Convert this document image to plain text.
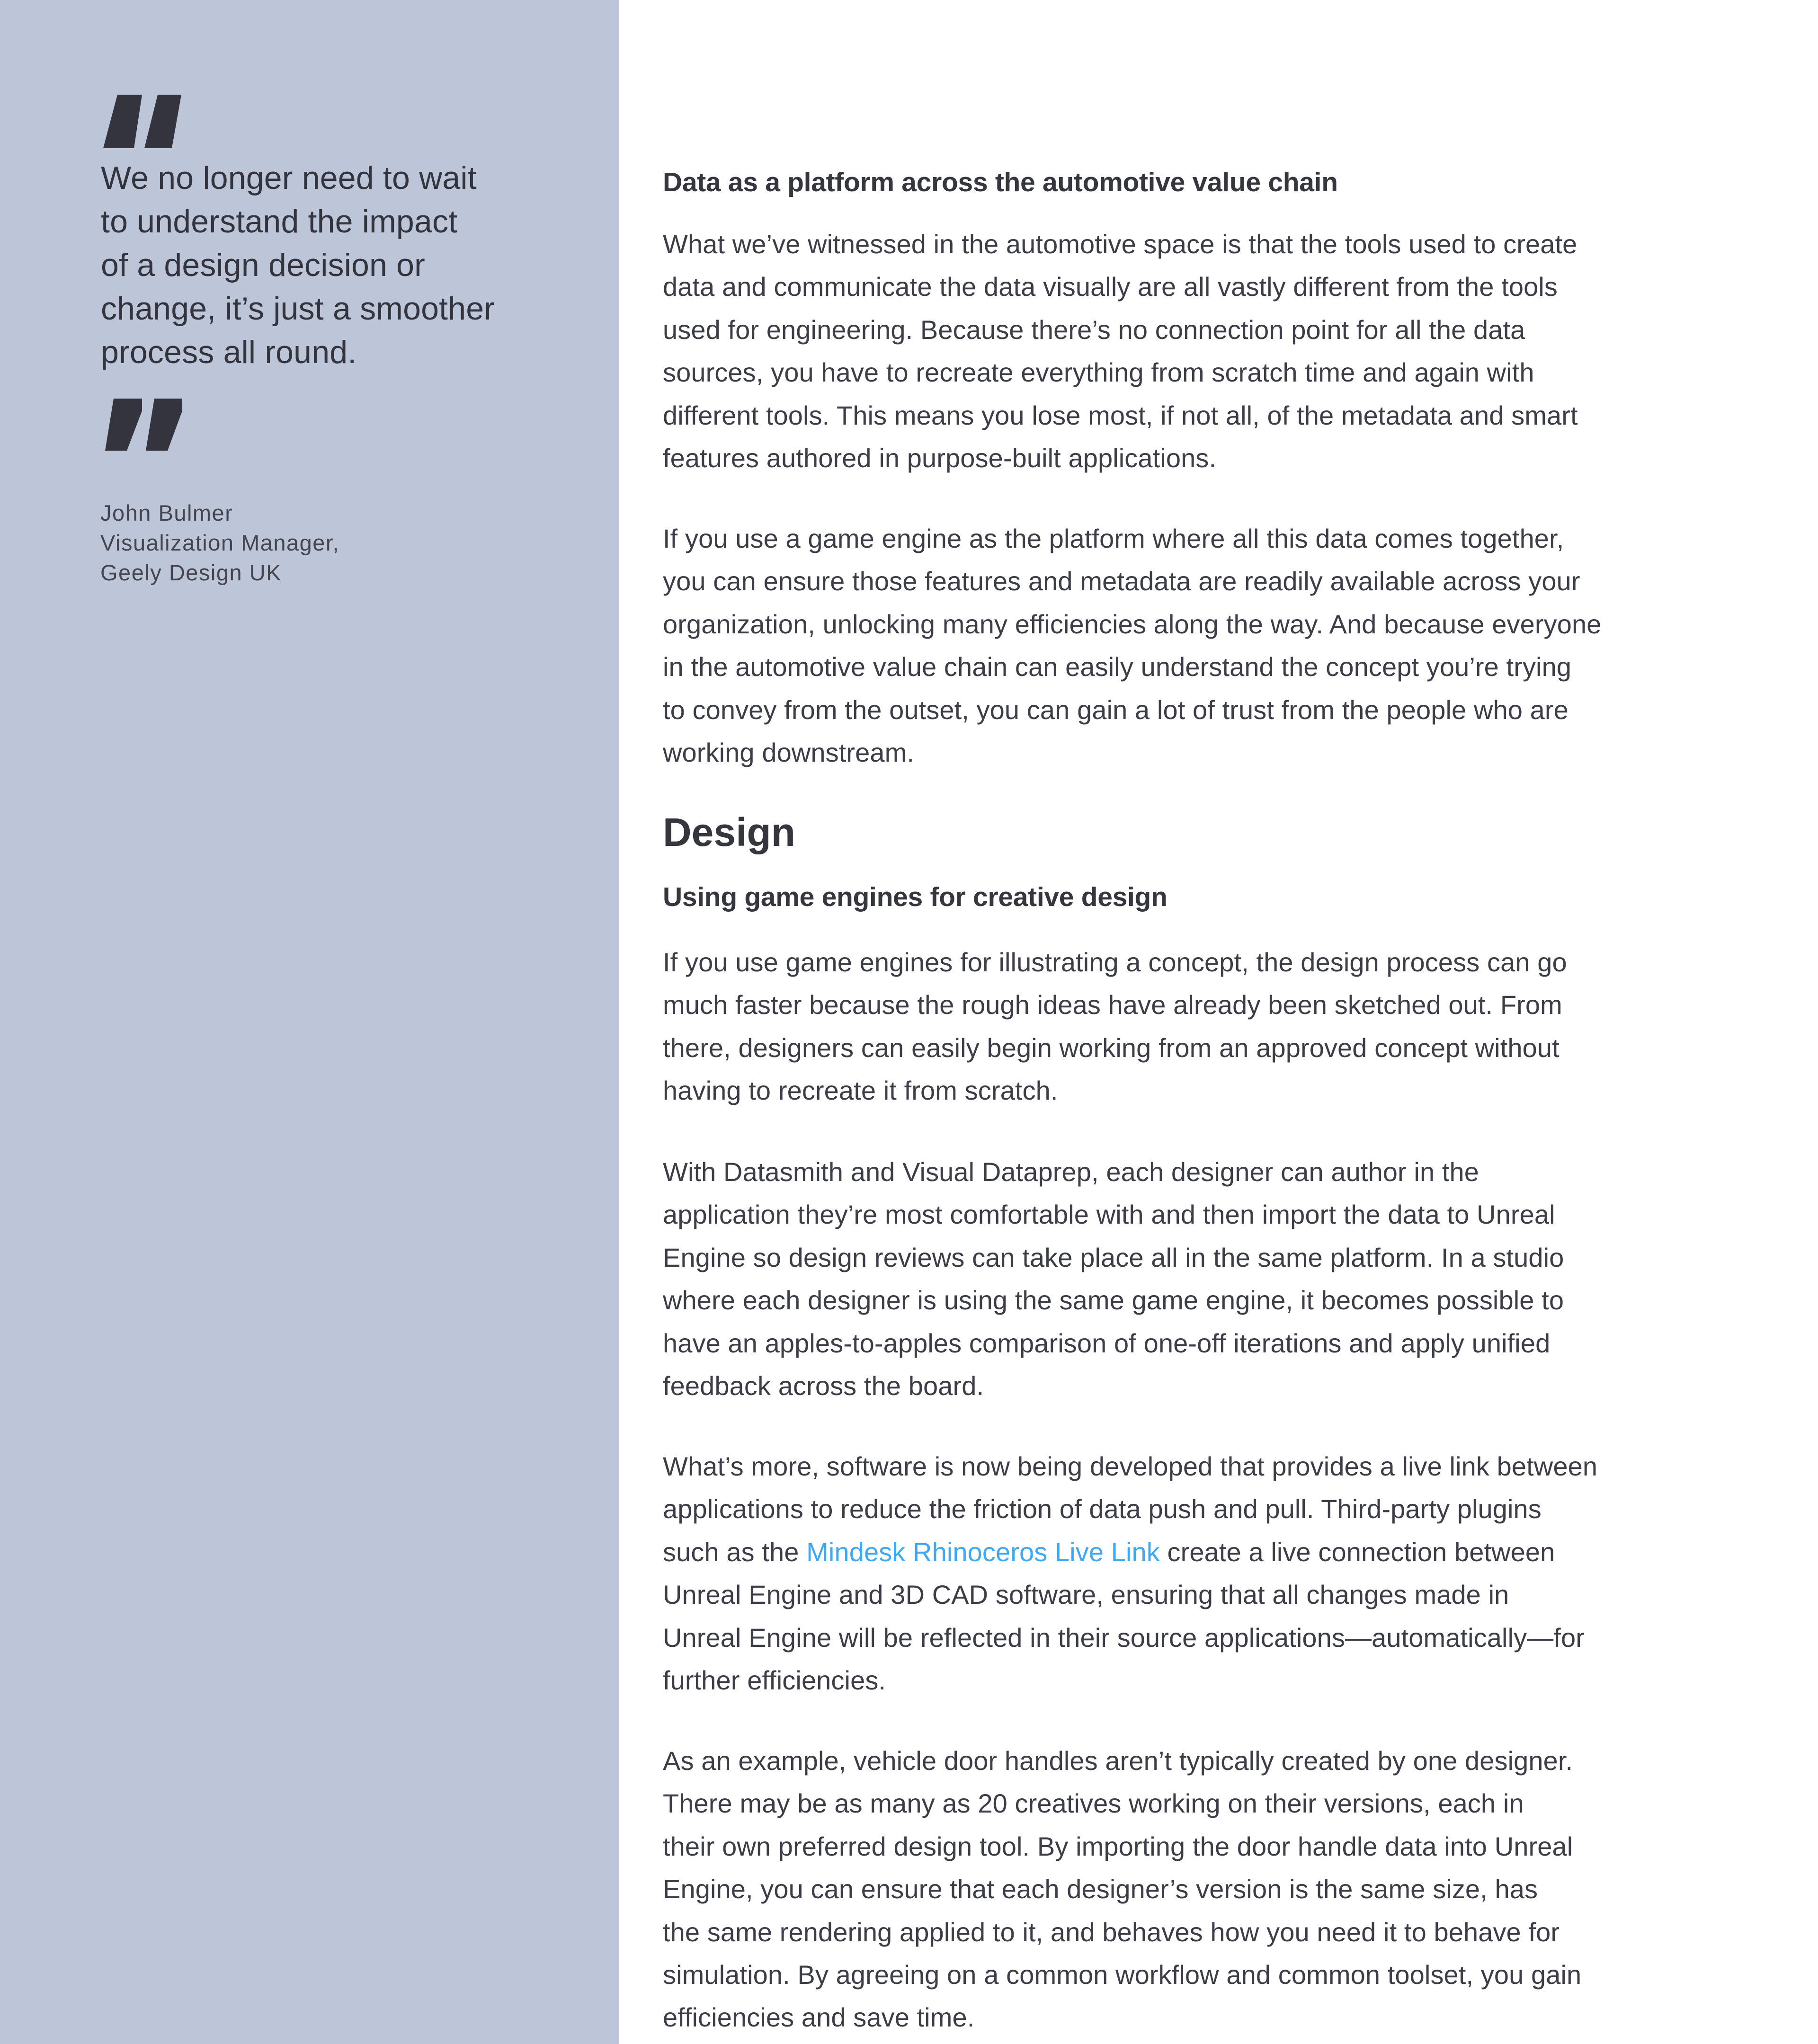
We no longer need to wait
to understand the impact
of a design decision or
change, it’s just a smoother
process all round.
John Bulmer
Visualization Manager,
Geely Design UK
Data as a platform across the automotive value chain

What we’ve witnessed in the automotive space is that the tools used to create
data and communicate the data visually are all vastly different from the tools
used for engineering. Because there’s no connection point for all the data
sources, you have to recreate everything from scratch time and again with
different tools. This means you lose most, if not all, of the metadata and smart
features authored in purpose-built applications.

If you use a game engine as the platform where all this data comes together,
you can ensure those features and metadata are readily available across your
organization, unlocking many efficiencies along the way. And because everyone
in the automotive value chain can easily understand the concept you’re trying
to convey from the outset, you can gain a lot of trust from the people who are
working downstream.

Design
Using game engines for creative design

If you use game engines for illustrating a concept, the design process can go
much faster because the rough ideas have already been sketched out. From
there, designers can easily begin working from an approved concept without
having to recreate it from scratch.

With Datasmith and Visual Dataprep, each designer can author in the
application they’re most comfortable with and then import the data to Unreal
Engine so design reviews can take place all in the same platform. In a studio
where each designer is using the same game engine, it becomes possible to
have an apples-to-apples comparison of one-off iterations and apply unified
feedback across the board.

What’s more, software is now being developed that provides a live link between
applications to reduce the friction of data push and pull. Third-party plugins
such as the Mindesk Rhinoceros Live Link create a live connection between
Unreal Engine and 3D CAD software, ensuring that all changes made in
Unreal Engine will be reflected in their source applications—automatically—for
further efficiencies.

As an example, vehicle door handles aren’t typically created by one designer.
There may be as many as 20 creatives working on their versions, each in
their own preferred design tool. By importing the door handle data into Unreal
Engine, you can ensure that each designer’s version is the same size, has
the same rendering applied to it, and behaves how you need it to behave for
simulation. By agreeing on a common workflow and common toolset, you gain
efficiencies and save time.
